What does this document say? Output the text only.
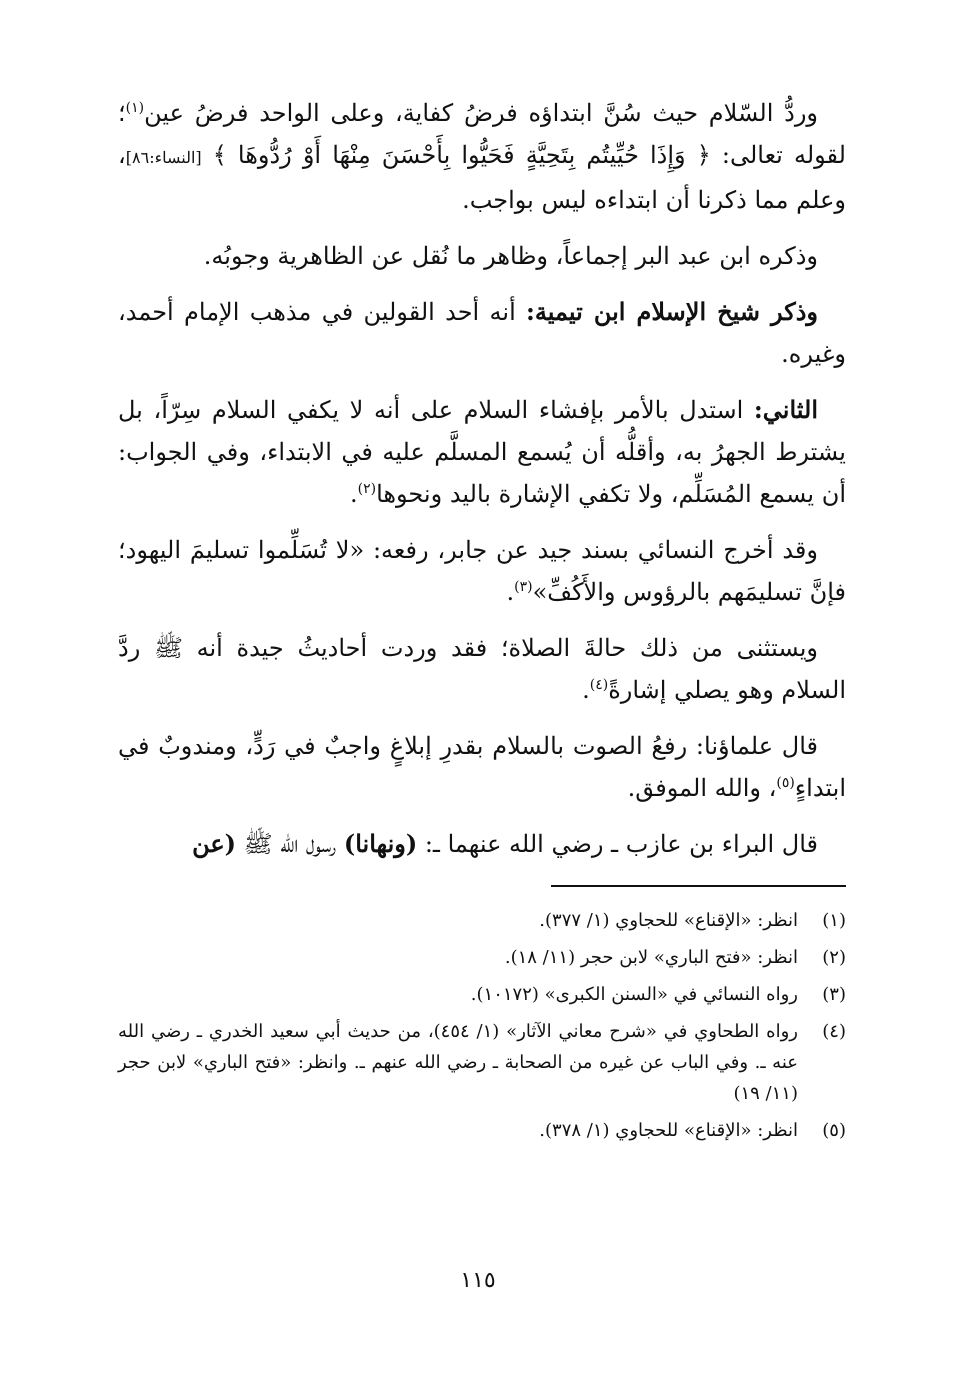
وردُّ السّلام حيث سُنَّ ابتداؤه فرضُ كفاية، وعلى الواحد فرضُ عين$^{(١)}$؛ لقوله تعالى: ﴿ وَإِذَا حُيِّيتُم بِتَحِيَّةٍ فَحَيُّوا بِأَحْسَنَ مِنْهَا أَوْ رُدُّوهَا ﴾ [النساء:٨٦]، وعلم مما ذكرنا أن ابتداءه ليس بواجب.

وذكره ابن عبد البر إجماعاً، وظاهر ما نُقل عن الظاهرية وجوبُه.

وذكر شيخ الإسلام ابن تيمية: أنه أحد القولين في مذهب الإمام أحمد، وغيره.

الثاني: استدل بالأمر بإفشاء السلام على أنه لا يكفي السلام سِرّاً، بل يشترط الجهرُ به، وأقلُّه أن يُسمع المسلَّم عليه في الابتداء، وفي الجواب: أن يسمع المُسَلِّم، ولا تكفي الإشارة باليد ونحوها$^{(٢)}$.

وقد أخرج النسائي بسند جيد عن جابر، رفعه: «لا تُسَلِّموا تسليمَ اليهود؛ فإنَّ تسليمَهم بالرؤوس والأَكُفِّ»$^{(٣)}$.

ويستثنى من ذلك حالةَ الصلاة؛ فقد وردت أحاديثُ جيدة أنه ﷺ ردَّ السلام وهو يصلي إشارةً$^{(٤)}$.

قال علماؤنا: رفعُ الصوت بالسلام بقدرِ إبلاغٍ واجبٌ في رَدٍّ، ومندوبٌ في ابتداءٍ$^{(٥)}$، والله الموفق.

قال البراء بن عازب ـ رضي الله عنهما ـ: (ونهانا) رسول الله ﷺ (عن

(١)
انظر: «الإقناع» للحجاوي (١/ ٣٧٧).
(٢)
انظر: «فتح الباري» لابن حجر (١١/ ١٨).
(٣)
رواه النسائي في «السنن الكبرى» (١٠١٧٢).
(٤)
رواه الطحاوي في «شرح معاني الآثار» (١/ ٤٥٤)، من حديث أبي سعيد الخدري ـ رضي الله عنه ـ. وفي الباب عن غيره من الصحابة ـ رضي الله عنهم ـ. وانظر: «فتح الباري» لابن حجر (١١/ ١٩)
(٥)
انظر: «الإقناع» للحجاوي (١/ ٣٧٨).
١١٥
